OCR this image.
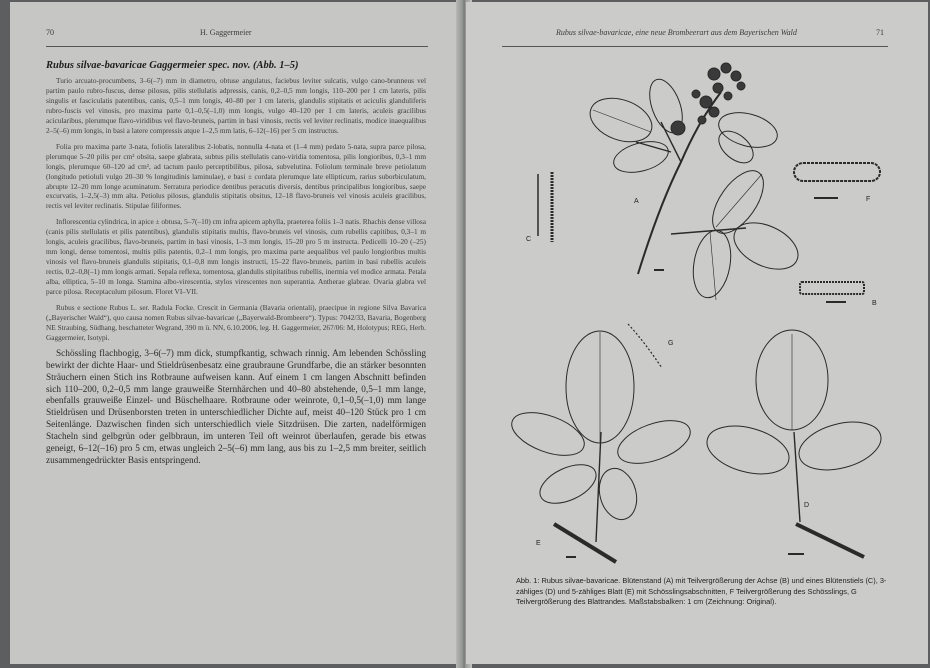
70	H. Gaggermeier
Rubus silvae-bavaricae Gaggermeier spec. nov. (Abb. 1–5)

Turio arcuato-procumbens, 3–6(–7) mm in diametro, obtuse angulatus, faciebus leviter sulcatis, vulgo cano-brunneus vel partim paulo rubro-fuscus, dense pilosus, pilis stellulatis adpressis, canis, 0,2–0,5 mm longis, 110–200 per 1 cm lateris, pilis singulis et fasciculatis patentibus, canis, 0,5–1 mm longis, 40–80 per 1 cm lateris, glandulis stipitatis et aciculis glanduliferis rubro-fuscis vel vinosis, pro maxima parte 0,1–0,5(–1,0) mm longis, vulgo 40–120 per 1 cm lateris, aculeis gracilibus acicularibus, plerumque flavo-viridibus vel flavo-bruneis, partim in basi vinosis, rectis vel leviter reclinatis, modice inaequalibus 2–5(–6) mm longis, in basi a latere compressis atque 1–2,5 mm latis, 6–12(–16) per 5 cm instructus.

Folia pro maxima parte 3-nata, foliolis lateralibus 2-lobatis, nonnulla 4-nata et (1–4 mm) pedato 5-nata, supra parce pilosa, plerumque 5–20 pilis per cm² obsita, saepe glabrata, subtus pilis stellulatis cano-viridia tomentosa, pilis longioribus, 0,3–1 mm longis, plerumque 60–120 ad cm², ad tactum paulo perceptibilibus, pilosa, subvelutina. Foliolum terminale breve petiolatum (longitudo petioluli vulgo 20–30 % longitudinis laminulae), e basi ± cordata plerumque late ellipticum, rarius suborbiculatum, abrupte 12–20 mm longe acuminatum. Serratura periodice dentibus peracutis diversis, dentibus principalibus longioribus, saepe excurvatis, 1–2,5(–3) mm alta. Petiolus pilosus, glandulis stipitatis obsitus, 12–18 flavo-bruneis vel vinosis aculeis gracilibus, rectis vel leviter reclinatis. Stipulae filiformes.

Inflorescentia cylindrica, in apice ± obtusa, 5–7(–10) cm infra apicem aphylla, praeterea foliis 1–3 natis. Rhachis dense villosa (canis pilis stellulatis et pilis patentibus), glandulis stipitatis multis, flavo-bruneis vel vinosis, cum rubellis capitibus, 0,3–1 m longis, aculeis gracilibus, flavo-bruneis, partim in basi vinosis, 1–3 mm longis, 15–20 pro 5 m instructa. Pedicelli 10–20 (–25) mm longi, dense tomentosi, multis pilis patentis, 0,2–1 mm longis, pro maxima parte aequalibus vel paulo longioribus multis vinosis vel flavo-bruneis glandulis stipitatis, 0,1–0,8 mm longis instructi, 15–22 flavo-bruneis, partim in basi rubellis aculeis rectis, 0,2–0,8(–1) mm longis armati. Sepala reflexa, tomentosa, glandulis stipitatibus rubellis, inermia vel modice armata. Petala alba, elliptica, 5–10 m longa. Stamina albo-virescentia, stylos virescentes non superantia. Antherae glabrae. Ovaria glabra vel parce pilosa. Receptaculum pilosum. Floret VI–VII.

Rubus e sectione Rubus L. ser. Radula Focke. Crescit in Germania (Bavaria orientali), praecipue in regione Silva Bavarica („Bayerischer Wald“), quo causa nomen Rubus silvae-bavaricae („Bayerwald-Brombeere“). Typus: 7042/33, Bavaria, Bogenberg NE Straubing, Südhang, beschatteter Wegrand, 390 m ü. NN, 6.10.2006, leg. H. Gaggermeier, 267/06: M, Holotypus; REG, Herb. Gaggermeier, Isotypi.

Schössling flachbogig, 3–6(–7) mm dick, stumpfkantig, schwach rinnig. Am lebenden Schössling bewirkt der dichte Haar- und Stieldrüsenbesatz eine graubraune Grundfarbe, die an stärker besonnten Sträuchern einen Stich ins Rotbraune aufweisen kann. Auf einem 1 cm langen Abschnitt befinden sich 110–200, 0,2–0,5 mm lange grauweiße Sternhärchen und 40–80 abstehende, 0,5–1 mm lange, ebenfalls grauweiße Einzel- und Büschelhaare. Rotbraune oder weinrote, 0,1–0,5(–1,0) mm lange Stieldrüsen und Drüsenborsten treten in unterschiedlicher Dichte auf, meist 40–120 Stück pro 1 cm Seitenlänge. Dazwischen finden sich unterschiedlich viele Sitzdrüsen. Die zarten, nadelförmigen Stacheln sind gelbgrün oder gelbbraun, im unteren Teil oft weinrot überlaufen, gerade bis etwas geneigt, 6–12(–16) pro 5 cm, etwas ungleich 2–5(–6) mm lang, aus bis zu 1–2,5 mm breiter, seitlich zusammengedrückter Basis entspringend.

Rubus silvae-bavaricae, eine neue Brombeerart aus dem Bayerischen Wald	71
A
B
C
D
E
F
G
Abb. 1: Rubus silvae-bavaricae. Blütenstand (A) mit Teilvergrößerung der Achse (B) und eines Blütenstiels (C), 3-zähliges (D) und 5-zähliges Blatt (E) mit Schösslingsabschnitten, F Teilvergrößerung des Schösslings, G Teilvergrößerung des Blattrandes. Maßstabsbalken: 1 cm (Zeichnung: Original).
